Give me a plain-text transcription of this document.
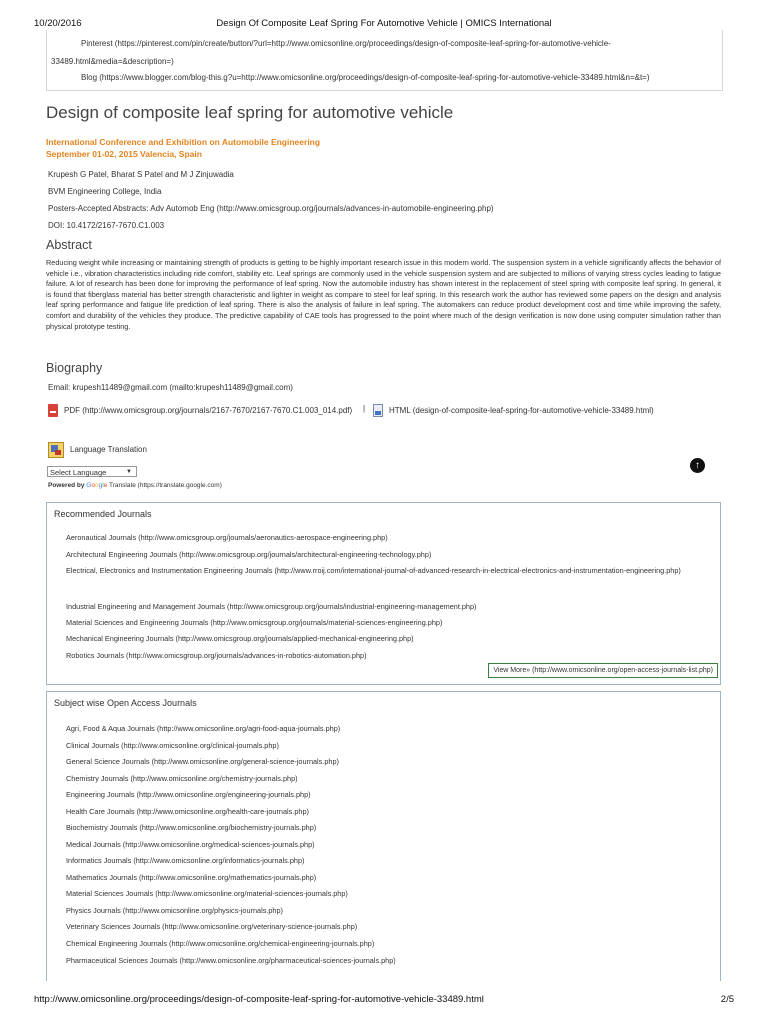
10/20/2016	Design Of Composite Leaf Spring For Automotive Vehicle | OMICS International
Pinterest (https://pinterest.com/pin/create/button/?url=http://www.omicsonline.org/proceedings/design-of-composite-leaf-spring-for-automotive-vehicle-
33489.html&media=&description=)
Blog (https://www.blogger.com/blog-this.g?u=http://www.omicsonline.org/proceedings/design-of-composite-leaf-spring-for-automotive-vehicle-33489.html&n=&t=)
Design of composite leaf spring for automotive vehicle
International Conference and Exhibition on Automobile Engineering
September 01-02, 2015 Valencia, Spain
Krupesh G Patel, Bharat S Patel and M J Zinjuwadia
BVM Engineering College, India
Posters-Accepted Abstracts: Adv Automob Eng (http://www.omicsgroup.org/journals/advances-in-automobile-engineering.php)
DOI: 10.4172/2167-7670.C1.003
Abstract
Reducing weight while increasing or maintaining strength of products is getting to be highly important research issue in this modern world. The suspension system in a vehicle significantly affects the behavior of vehicle i.e., vibration characteristics including ride comfort, stability etc. Leaf springs are commonly used in the vehicle suspension system and are subjected to millions of varying stress cycles leading to fatigue failure. A lot of research has been done for improving the performance of leaf spring. Now the automobile industry has shown interest in the replacement of steel spring with composite leaf spring. In general, it is found that fiberglass material has better strength characteristic and lighter in weight as compare to steel for leaf spring. In this research work the author has reviewed some papers on the design and analysis leaf spring performance and fatigue life prediction of leaf spring. There is also the analysis of failure in leaf spring. The automakers can reduce product development cost and time while improving the safety, comfort and durability of the vehicles they produce. The predictive capability of CAE tools has progressed to the point where much of the design verification is now done using computer simulation rather than physical prototype testing.
Biography
Email: krupesh11489@gmail.com (mailto:krupesh11489@gmail.com)
PDF (http://www.omicsgroup.org/journals/2167-7670/2167-7670.C1.003_014.pdf) |	HTML (design-of-composite-leaf-spring-for-automotive-vehicle-33489.html)
Language Translation
Select Language	▼
Powered by Google Translate (https://translate.google.com)
↑
Recommended Journals
Aeronautical Journals (http://www.omicsgroup.org/journals/aeronautics-aerospace-engineering.php)
Architectural Engineering Journals (http://www.omicsgroup.org/journals/architectural-engineering-technology.php)
Electrical, Electronics and Instrumentation Engineering Journals (http://www.rroij.com/international-journal-of-advanced-research-in-electrical-electronics-and-instrumentation-engineering.php)
Industrial Engineering and Management Journals (http://www.omicsgroup.org/journals/industrial-engineering-management.php)
Material Sciences and Engineering Journals (http://www.omicsgroup.org/journals/material-sciences-engineering.php)
Mechanical Engineering Journals (http://www.omicsgroup.org/journals/applied-mechanical-engineering.php)
Robotics Journals (http://www.omicsgroup.org/journals/advances-in-robotics-automation.php)
View More» (http://www.omicsonline.org/open-access-journals-list.php)
Subject wise Open Access Journals
Agri, Food & Aqua Journals (http://www.omicsonline.org/agri-food-aqua-journals.php)
Clinical Journals (http://www.omicsonline.org/clinical-journals.php)
General Science Journals (http://www.omicsonline.org/general-science-journals.php)
Chemistry Journals (http://www.omicsonline.org/chemistry-journals.php)
Engineering Journals (http://www.omicsonline.org/engineering-journals.php)
Health Care Journals (http://www.omicsonline.org/health-care-journals.php)
Biochemistry Journals (http://www.omicsonline.org/biochemistry-journals.php)
Medical Journals (http://www.omicsonline.org/medical-sciences-journals.php)
Informatics Journals (http://www.omicsonline.org/informatics-journals.php)
Mathematics Journals (http://www.omicsonline.org/mathematics-journals.php)
Material Sciences Journals (http://www.omicsonline.org/material-sciences-journals.php)
Physics Journals (http://www.omicsonline.org/physics-journals.php)
Veterinary Sciences Journals (http://www.omicsonline.org/veterinary-science-journals.php)
Chemical Engineering Journals (http://www.omicsonline.org/chemical-engineering-journals.php)
Pharmaceutical Sciences Journals (http://www.omicsonline.org/pharmaceutical-sciences-journals.php)
http://www.omicsonline.org/proceedings/design-of-composite-leaf-spring-for-automotive-vehicle-33489.html	2/5
